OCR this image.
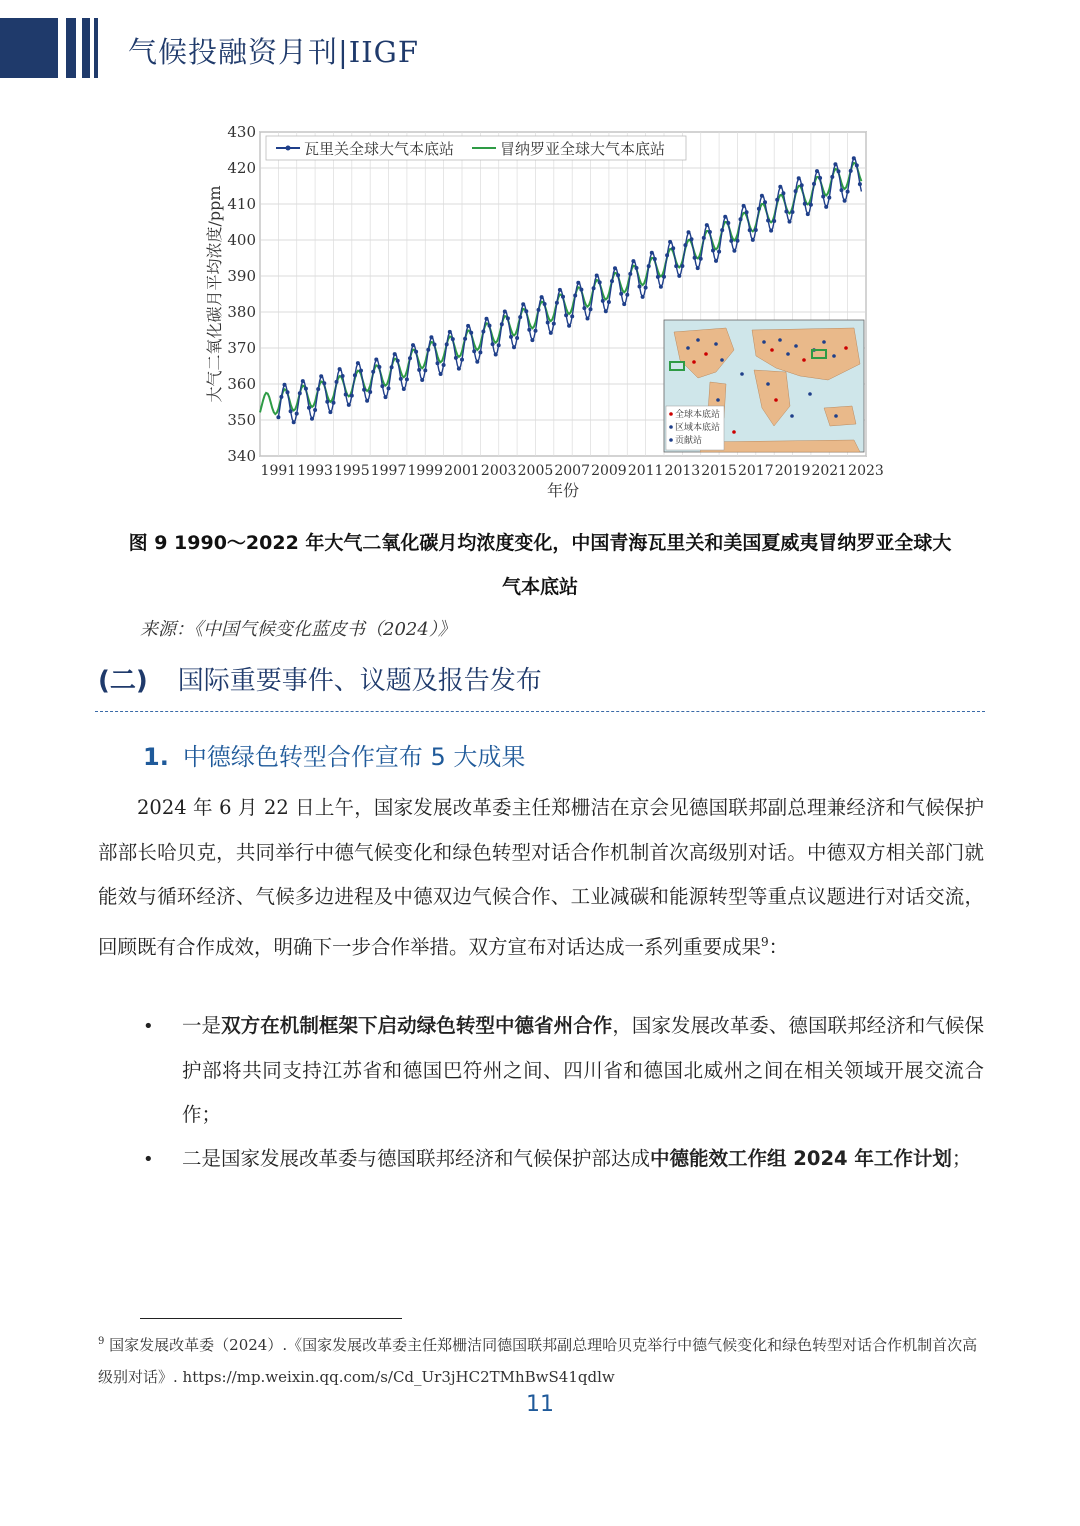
气候投融资月刊|IIGF
340
350
360
370
380
390
400
410
420
430
1991 1993 1995 1997 1999 2001 2003 2005 2007 2009 2011 2013 2015 2017 2019 2021 2023
年份
大气二氧化碳月平均浓度/ppm
瓦里关全球大气本底站	冒纳罗亚全球大气本底站
全球本底站
区域本底站
贡献站
图 9 1990～2022 年大气二氧化碳月均浓度变化，中国青海瓦里关和美国夏威夷冒纳罗亚全球大
气本底站
来源：《中国气候变化蓝皮书（2024）》
(二) 国际重要事件、议题及报告发布
1. 中德绿色转型合作宣布 5 大成果
2024 年 6 月 22 日上午，国家发展改革委主任郑栅洁在京会见德国联邦副总理兼经济和气候保护部部长哈贝克，共同举行中德气候变化和绿色转型对话合作机制首次高级别对话。中德双方相关部门就能效与循环经济、气候多边进程及中德双边气候合作、工业减碳和能源转型等重点议题进行对话交流，回顾既有合作成效，明确下一步合作举措。双方宣布对话达成一系列重要成果$^9$：
• 一是双方在机制框架下启动绿色转型中德省州合作，国家发展改革委、德国联邦经济和气候保护部将共同支持江苏省和德国巴符州之间、四川省和德国北威州之间在相关领域开展交流合作；
• 二是国家发展改革委与德国联邦经济和气候保护部达成中德能效工作组 2024 年工作计划；
$^9$ 国家发展改革委（2024）.《国家发展改革委主任郑栅洁同德国联邦副总理哈贝克举行中德气候变化和绿色转型对话合作机制首次高级别对话》. https://mp.weixin.qq.com/s/Cd_Ur3jHC2TMhBwS41qdlw
11
